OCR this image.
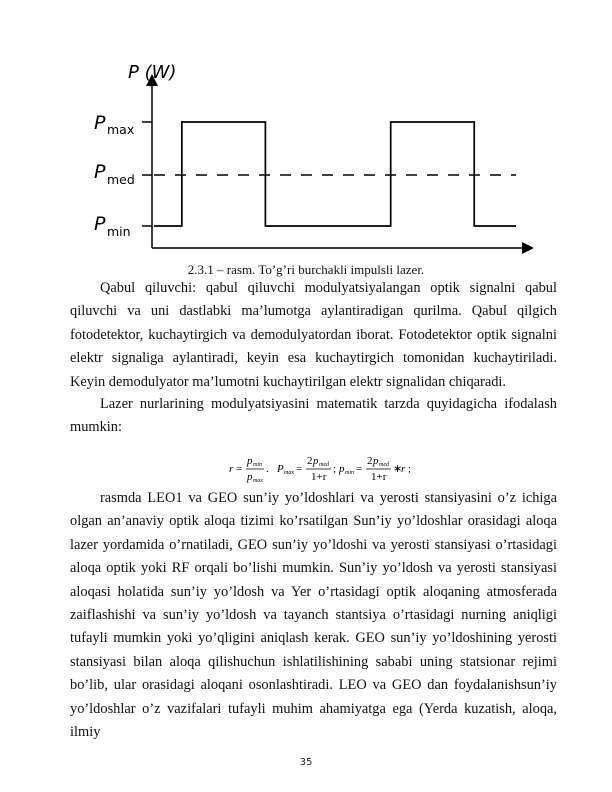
P (W)
P max
P med
P min
2.3.1 – rasm. To’g’ri burchakli impulsli lazer.

Qabul qiluvchi: qabul qiluvchi modulyatsiyalangan optik signalni qabul qiluvchi va uni dastlabki ma’lumotga aylantiradigan qurilma. Qabul qilgich fotodetektor, kuchaytirgich va demodulyatordan iborat. Fotodetektor optik signalni elektr signaliga aylantiradi, keyin esa kuchaytirgich tomonidan kuchaytiriladi. Keyin demodulyator ma’lumotni kuchaytirilgan elektr signalidan chiqaradi.

Lazer nurlarining modulyatsiyasini matematik tarzda quyidagicha ifodalash mumkin:

r =
p min
p max
. P max =
2 p med
1+r
; p min =
2 p med
1+r
∗
r ;

rasmda LEO1 va GEO sun’iy yo’ldoshlari va yerosti stansiyasini o’z ichiga olgan an’anaviy optik aloqa tizimi ko’rsatilgan Sun’iy yo’ldoshlar orasidagi aloqa lazer yordamida o’rnatiladi, GEO sun’iy yo’ldoshi va yerosti stansiyasi o’rtasidagi aloqa optik yoki RF orqali bo’lishi mumkin. Sun’iy yo’ldosh va yerosti stansiyasi aloqasi holatida sun’iy yo’ldosh va Yer o’rtasidagi optik aloqaning atmosferada zaiflashishi va sun’iy yo’ldosh va tayanch stantsiya o’rtasidagi nurning aniqligi tufayli mumkin yoki yo’qligini aniqlash kerak. GEO sun’iy yo’ldoshining yerosti stansiyasi bilan aloqa qilishuchun ishlatilishining sababi uning statsionar rejimi bo’lib, ular orasidagi aloqani osonlashtiradi. LEO va GEO dan foydalanishsun’iy yo’ldoshlar o’z vazifalari tufayli muhim ahamiyatga ega (Yerda kuzatish, aloqa, ilmiy

35
